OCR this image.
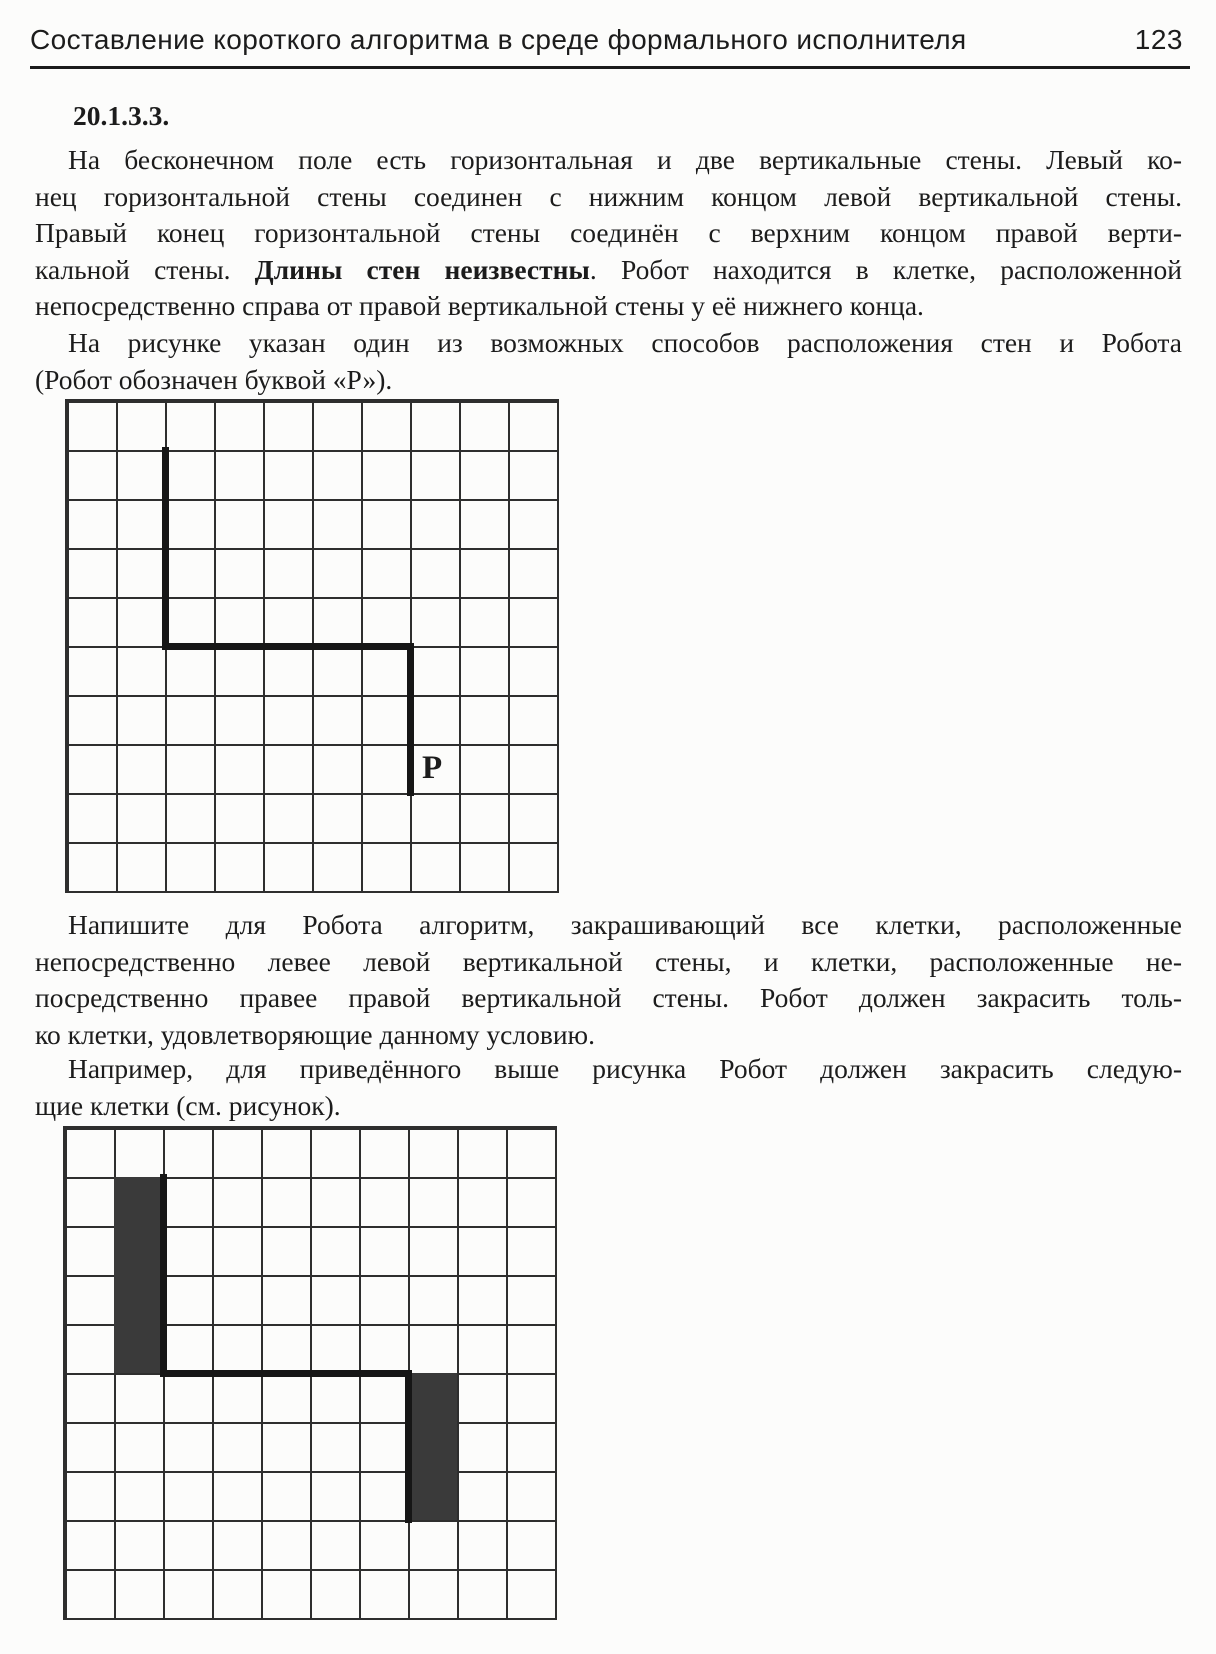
Составление короткого алгоритма в среде формального исполнителя	123
20.1.3.3.
На бесконечном поле есть горизонтальная и две вертикальные стены. Левый ко-
нец горизонтальной стены соединен с нижним концом левой вертикальной стены.
Правый конец горизонтальной стены соединён с верхним концом правой верти-
кальной стены. Длины стен неизвестны. Робот находится в клетке, расположенной
непосредственно справа от правой вертикальной стены у её нижнего конца.
На рисунке указан один из возможных способов расположения стен и Робота
(Робот обозначен буквой «Р»).
Р
Напишите для Робота алгоритм, закрашивающий все клетки, расположенные
непосредственно левее левой вертикальной стены, и клетки, расположенные не-
посредственно правее правой вертикальной стены. Робот должен закрасить толь-
ко клетки, удовлетворяющие данному условию.
Например, для приведённого выше рисунка Робот должен закрасить следую-
щие клетки (см. рисунок).
